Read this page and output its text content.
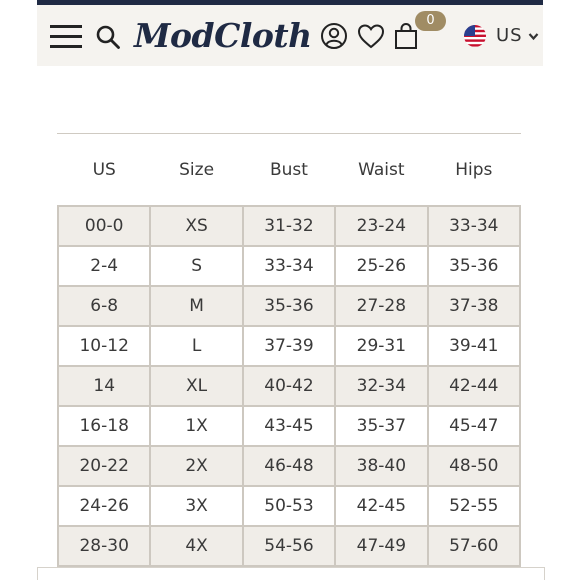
ModCloth	0
US
US	Size	Bust	Waist	Hips

00-0	XS	31-32	23-24	33-34
2-4	S	33-34	25-26	35-36
6-8	M	35-36	27-28	37-38
10-12	L	37-39	29-31	39-41
14	XL	40-42	32-34	42-44
16-18	1X	43-45	35-37	45-47
20-22	2X	46-48	38-40	48-50
24-26	3X	50-53	42-45	52-55
28-30	4X	54-56	47-49	57-60
